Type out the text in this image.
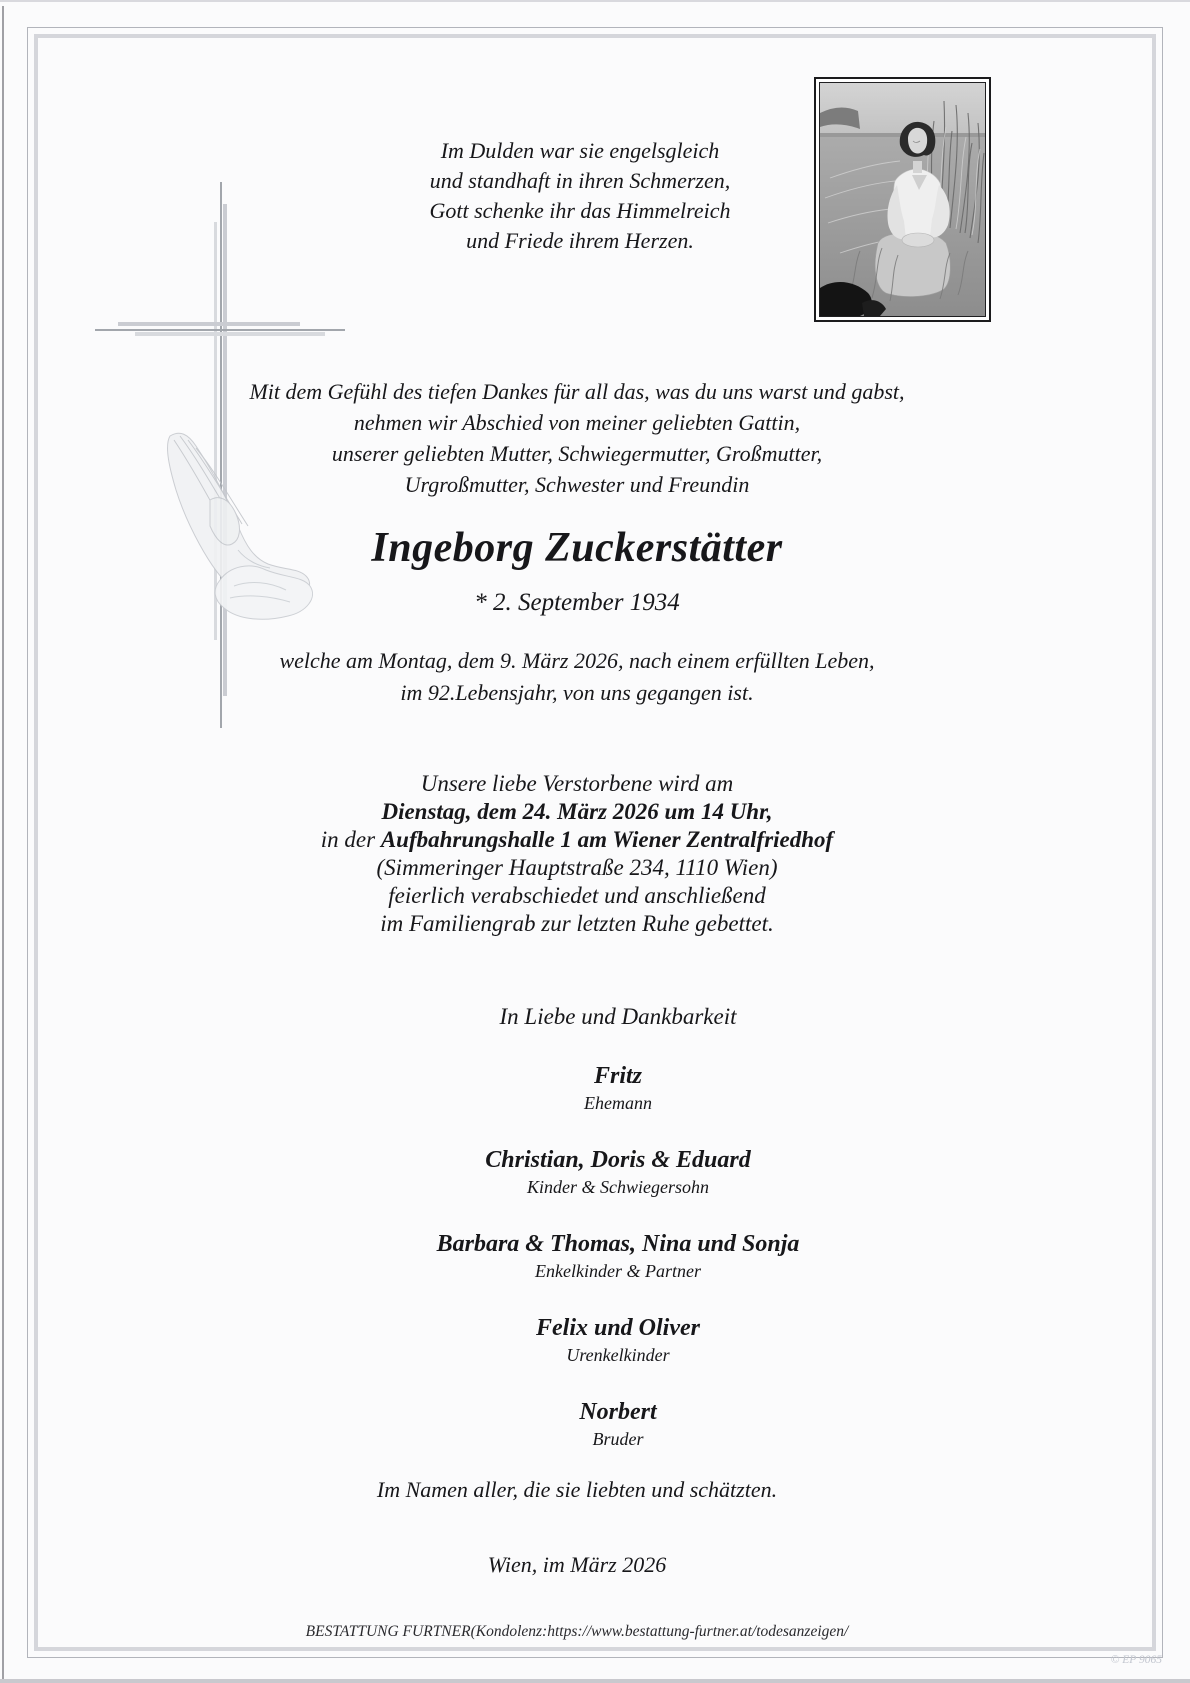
Im Dulden war sie engelsgleich
und standhaft in ihren Schmerzen,
Gott schenke ihr das Himmelreich
und Friede ihrem Herzen.
Mit dem Gefühl des tiefen Dankes für all das, was du uns warst und gabst,
nehmen wir Abschied von meiner geliebten Gattin,
unserer geliebten Mutter, Schwiegermutter, Großmutter,
Urgroßmutter, Schwester und Freundin
Ingeborg Zuckerstätter
* 2. September 1934
welche am Montag, dem 9. März 2026, nach einem erfüllten Leben,
im 92.Lebensjahr, von uns gegangen ist.
Unsere liebe Verstorbene wird am
Dienstag, dem 24. März 2026 um 14 Uhr,
in der Aufbahrungshalle 1 am Wiener Zentralfriedhof
(Simmeringer Hauptstraße 234, 1110 Wien)
feierlich verabschiedet und anschließend
im Familiengrab zur letzten Ruhe gebettet.
In Liebe und Dankbarkeit
Fritz
Ehemann
Christian, Doris & Eduard
Kinder & Schwiegersohn
Barbara & Thomas, Nina und Sonja
Enkelkinder & Partner
Felix und Oliver
Urenkelkinder
Norbert
Bruder
Im Namen aller, die sie liebten und schätzten.
Wien, im März 2026
BESTATTUNG FURTNER(Kondolenz:https://www.bestattung-furtner.at/todesanzeigen/
© EP 9065
